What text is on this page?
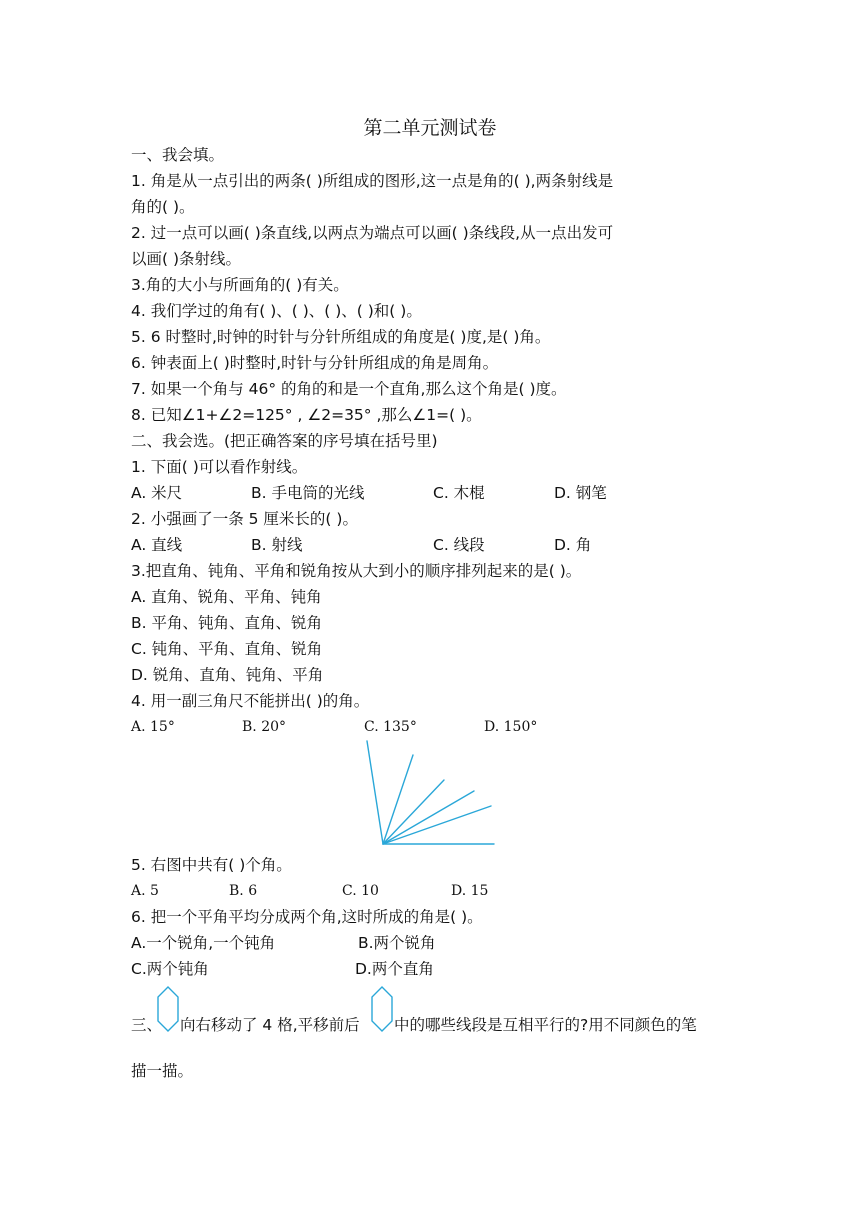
第二单元测试卷
一、我会填。
1. 角是从一点引出的两条( )所组成的图形,这一点是角的( ),两条射线是
角的( )。
2. 过一点可以画( )条直线,以两点为端点可以画( )条线段,从一点出发可
以画( )条射线。
3.角的大小与所画角的( )有关。
4. 我们学过的角有( )、( )、( )、( )和( )。
5. 6 时整时,时钟的时针与分针所组成的角度是( )度,是( )角。
6. 钟表面上( )时整时,时针与分针所组成的角是周角。
7. 如果一个角与 46° 的角的和是一个直角,那么这个角是( )度。
8. 已知∠1+∠2=125° , ∠2=35° ,那么∠1=( )。
二、我会选。(把正确答案的序号填在括号里)
1. 下面( )可以看作射线。
A. 米尺	B. 手电筒的光线	C. 木棍	D. 钢笔
2. 小强画了一条 5 厘米长的( )。
A. 直线	B. 射线	C. 线段	D. 角
3.把直角、钝角、平角和锐角按从大到小的顺序排列起来的是( )。
A. 直角、锐角、平角、钝角
B. 平角、钝角、直角、锐角
C. 钝角、平角、直角、锐角
D. 锐角、直角、钝角、平角
4. 用一副三角尺不能拼出( )的角。
A. 15°	B. 20°	C. 135°	D. 150°
5. 右图中共有( )个角。
A. 5	B. 6	C. 10	D. 15
6. 把一个平角平均分成两个角,这时所成的角是( )。
A.一个锐角,一个钝角	B.两个锐角
C.两个钝角	D.两个直角
三、 向右移动了 4 格,平移前后 中的哪些线段是互相平行的?用不同颜色的笔
描一描。
